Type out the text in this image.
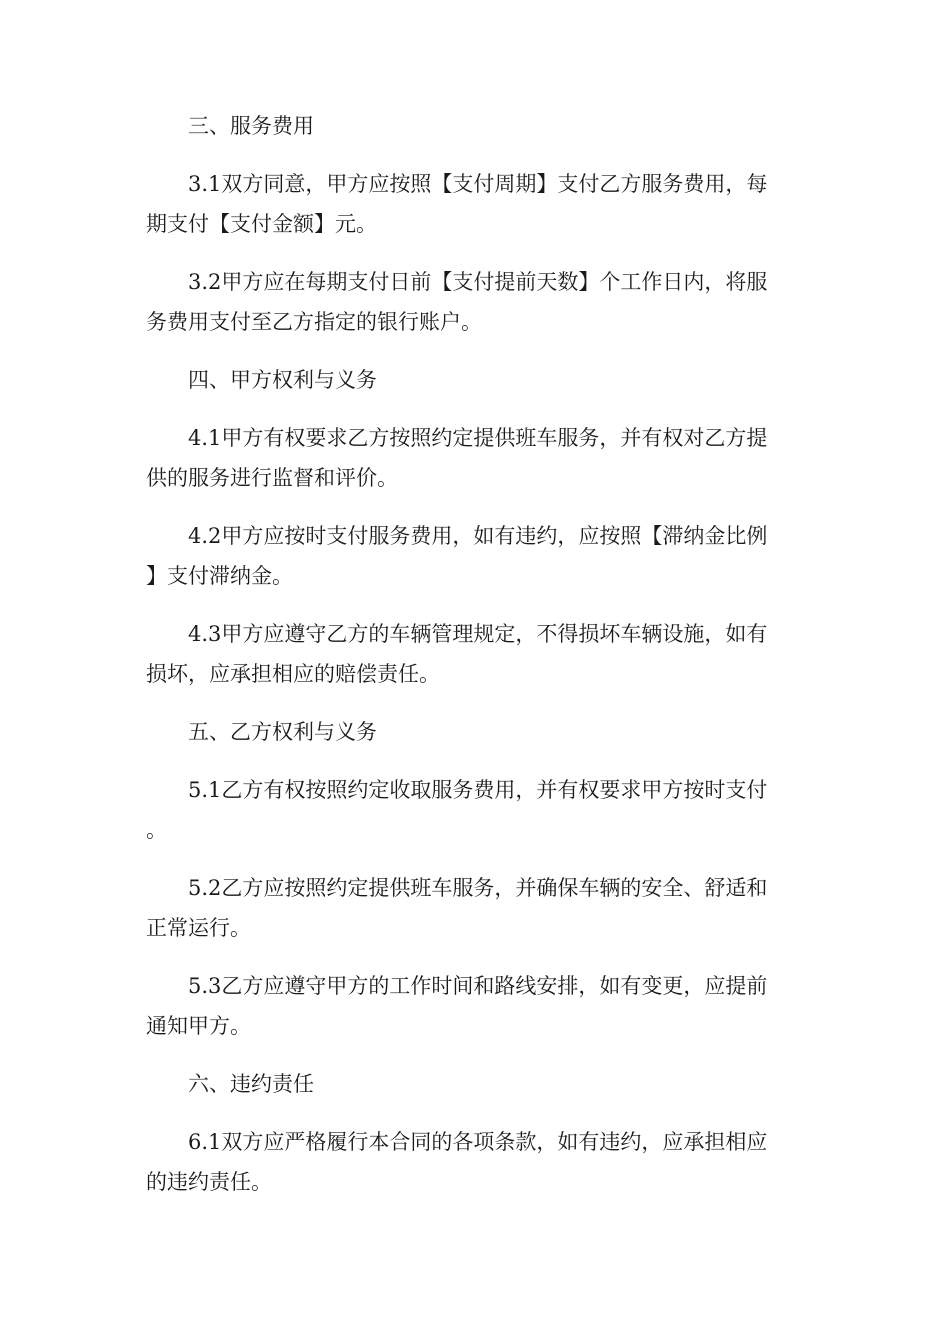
三、服务费用
3.1双方同意，甲方应按照【支付周期】支付乙方服务费用，每
期支付【支付金额】元。
3.2甲方应在每期支付日前【支付提前天数】个工作日内，将服
务费用支付至乙方指定的银行账户。
四、甲方权利与义务
4.1甲方有权要求乙方按照约定提供班车服务，并有权对乙方提
供的服务进行监督和评价。
4.2甲方应按时支付服务费用，如有违约，应按照【滞纳金比例
】支付滞纳金。
4.3甲方应遵守乙方的车辆管理规定，不得损坏车辆设施，如有
损坏，应承担相应的赔偿责任。
五、乙方权利与义务
5.1乙方有权按照约定收取服务费用，并有权要求甲方按时支付
。
5.2乙方应按照约定提供班车服务，并确保车辆的安全、舒适和
正常运行。
5.3乙方应遵守甲方的工作时间和路线安排，如有变更，应提前
通知甲方。
六、违约责任
6.1双方应严格履行本合同的各项条款，如有违约，应承担相应
的违约责任。
